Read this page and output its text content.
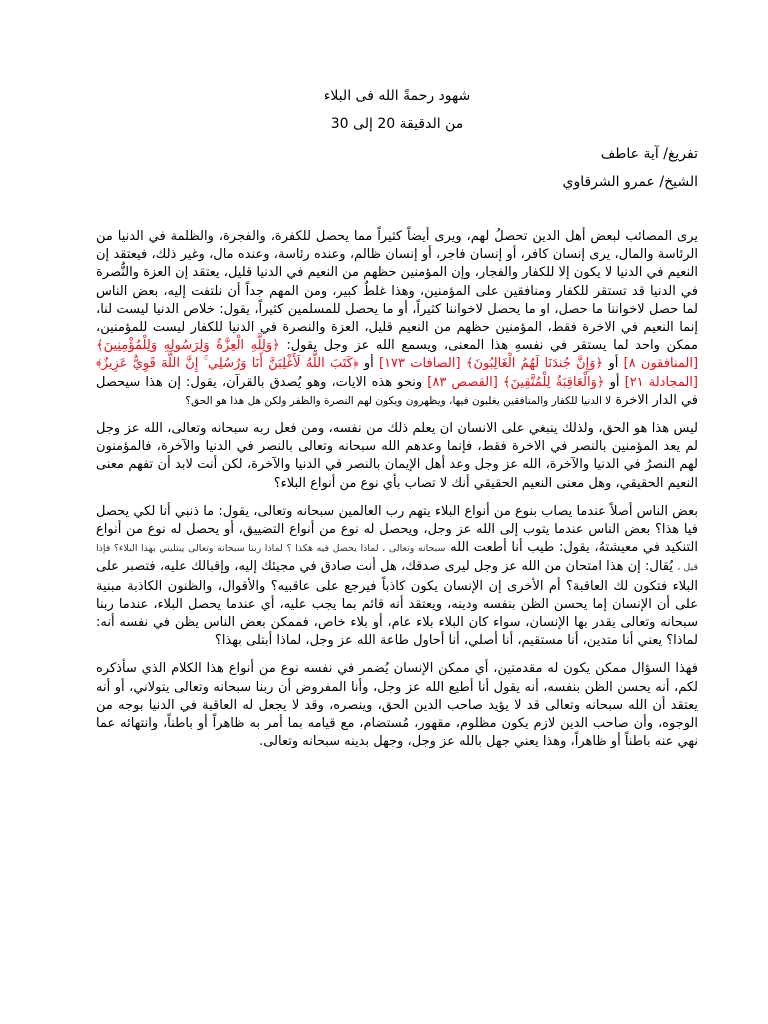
شهود رحمةً الله فى البلاء

من الدقيقة 20 إلى 30

تفريغ/ آية عاطف

الشيخ/ عمرو الشرقاوي

يرى المصائب لبعض أهل الدين تحصلُ لهم، ويرى أيضاً كثيراً مما يحصل للكفرة، والفجرة، والظلمة في الدنيا من الرئاسة والمال، يرى إنسان كافر، أو إنسان فاجر، أو إنسان ظالم، وعنده رئاسة، وعنده مال، وغير ذلك، فيعتقد إن النعيم في الدنيا لا يكون إلا للكفار والفجار، وإن المؤمنين حظهم من النعيم في الدنيا قليل، يعتقد إن العزة والنُّصرة في الدنيا قد تستقر للكفار ومنافقين على المؤمنين، وهذا غلطٌ كبير، ومن المهم جداً أن نلتفت إليه، بعض الناس لما حصل لاخواننا ما حصل، او ما يحصل لاخواننا كثيراً، أو ما يحصل للمسلمين كثيراً، يقول: خلاص الدنيا ليست لنا، إنما النعيم في الاخرة فقط، المؤمنين حظهم من النعيم قليل، العزة والنصرة في الدنيا للكفار ليست للمؤمنين، ممكن واحد لما يستقر في نفسهِ هذا المعنى، ويسمع الله عز وجل يقول: ﴿وَلِلَّهِ الْعِزَّةُ وَلِرَسُولِهِ وَلِلْمُؤْمِنِينَ﴾ [المنافقون ٨] أو ﴿وَإِنَّ جُندَنَا لَهُمُ الْغَالِبُونَ﴾ [الصافات ١٧٣] أو ﴿كَتَبَ اللَّهُ لَأَغْلِبَنَّ أَنَا وَرُسُلِي ۚ إِنَّ اللَّهَ قَوِيٌّ عَزِيزٌ﴾ [المجادلة ٢١] أو ﴿وَالْعَاقِبَةُ لِلْمُتَّقِينَ﴾ [القصص ٨٣] ونحو هذه الايات، وهو يُصدق بالقرآن، يقول: إن هذا سيحصل في الدار الاخرة لا الدنيا للكفار والمنافقين يغلبون فيها، ويظهرون ويكون لهم النصرة والظفر ولكن هل هذا هو الحق؟

ليس هذا هو الحق، ولذلك ينبغي على الانسان ان يعلم ذلك من نفسه، ومن فعل ربه سبحانه وتعالى، الله عز وجل لم يعد المؤمنين بالنصر في الاخرة فقط، فإنما وعدهم الله سبحانه وتعالى بالنصر في الدنيا والآخرة، فالمؤمنون لهم النصرُ في الدنيا والآخرة، الله عز وجل وعد أهل الإيمان بالنصر في الدنيا والآخرة، لكن أنت لابد أن تفهم معنى النعيم الحقيقي، وهل معنى النعيم الحقيقي أنك لا تصاب بأي نوع من أنواع البلاء؟

بعض الناس أصلاً عندما يصاب بنوع من أنواع البلاء يتهم رب العالمين سبحانه وتعالى، يقول: ما ذنبي أنا لكي يحصل فيا هذا؟ بعض الناس عندما يتوب إلى الله عز وجل، ويحصل له نوع من أنواع التضييق، أو يحصل له نوع من أنواع التنكيد في معيشتهُ، يقول: طيب أنا أطعت الله سبحانه وتعالى ، لماذا يحصل فيه هكذا ؟ لماذا ربنا سبحانه وتعالى يبتليني بهذا البلاء؟ فإذا قيل ، يُقال: إن هذا امتحان من الله عز وجل ليرى صدقك، هل أنت صادق في مجيئك إليه، وإقبالك عليه، فتصبر على البلاء فتكون لك العاقبة؟ أم الأخرى إن الإنسان يكون كاذباً فيرجع على عاقبيه؟ والأقوال، والظنون الكاذبة مبنية على أن الإنسان إما يحسن الظن بنفسه ودينه، ويعتقد أنه قائم بما يجب عليه، أي عندما يحصل البلاء، عندما ربنا سبحانه وتعالى يقدر بها الإنسان، سواء كان البلاء بلاء عام، أو بلاء خاص، فممكن بعض الناس يظن في نفسه أنه: لماذا؟ يعني أنا متدين، أنا مستقيم، أنا أصلي، أنا أحاول طاعة الله عز وجل، لماذا أبتلى بهذا؟

فهذا السؤال ممكن يكون له مقدمتين، أي ممكن الإنسان يُضمر في نفسه نوع من أنواع هذا الكلام الذي سأذكره لكم، أنه يحسن الظن بنفسه، أنه يقول أنا أطيع الله عز وجل، وأنا المفروض أن ربنا سبحانه وتعالى يتولاني، أو أنه يعتقد أن الله سبحانه وتعالى قد لا يؤيد صاحب الدين الحق، وينصره، وقد لا يجعل له العاقبة في الدنيا بوجه من الوجوه، وأن صاحب الدين لازم يكون مظلوم، مقهور، مُستضام، مع قيامه بما أمر به ظاهراً أو باطناً، وانتهائه عما نهي عنه باطناً أو ظاهراً، وهذا يعني جهل بالله عز وجل، وجهل بدينه سبحانه وتعالى.
